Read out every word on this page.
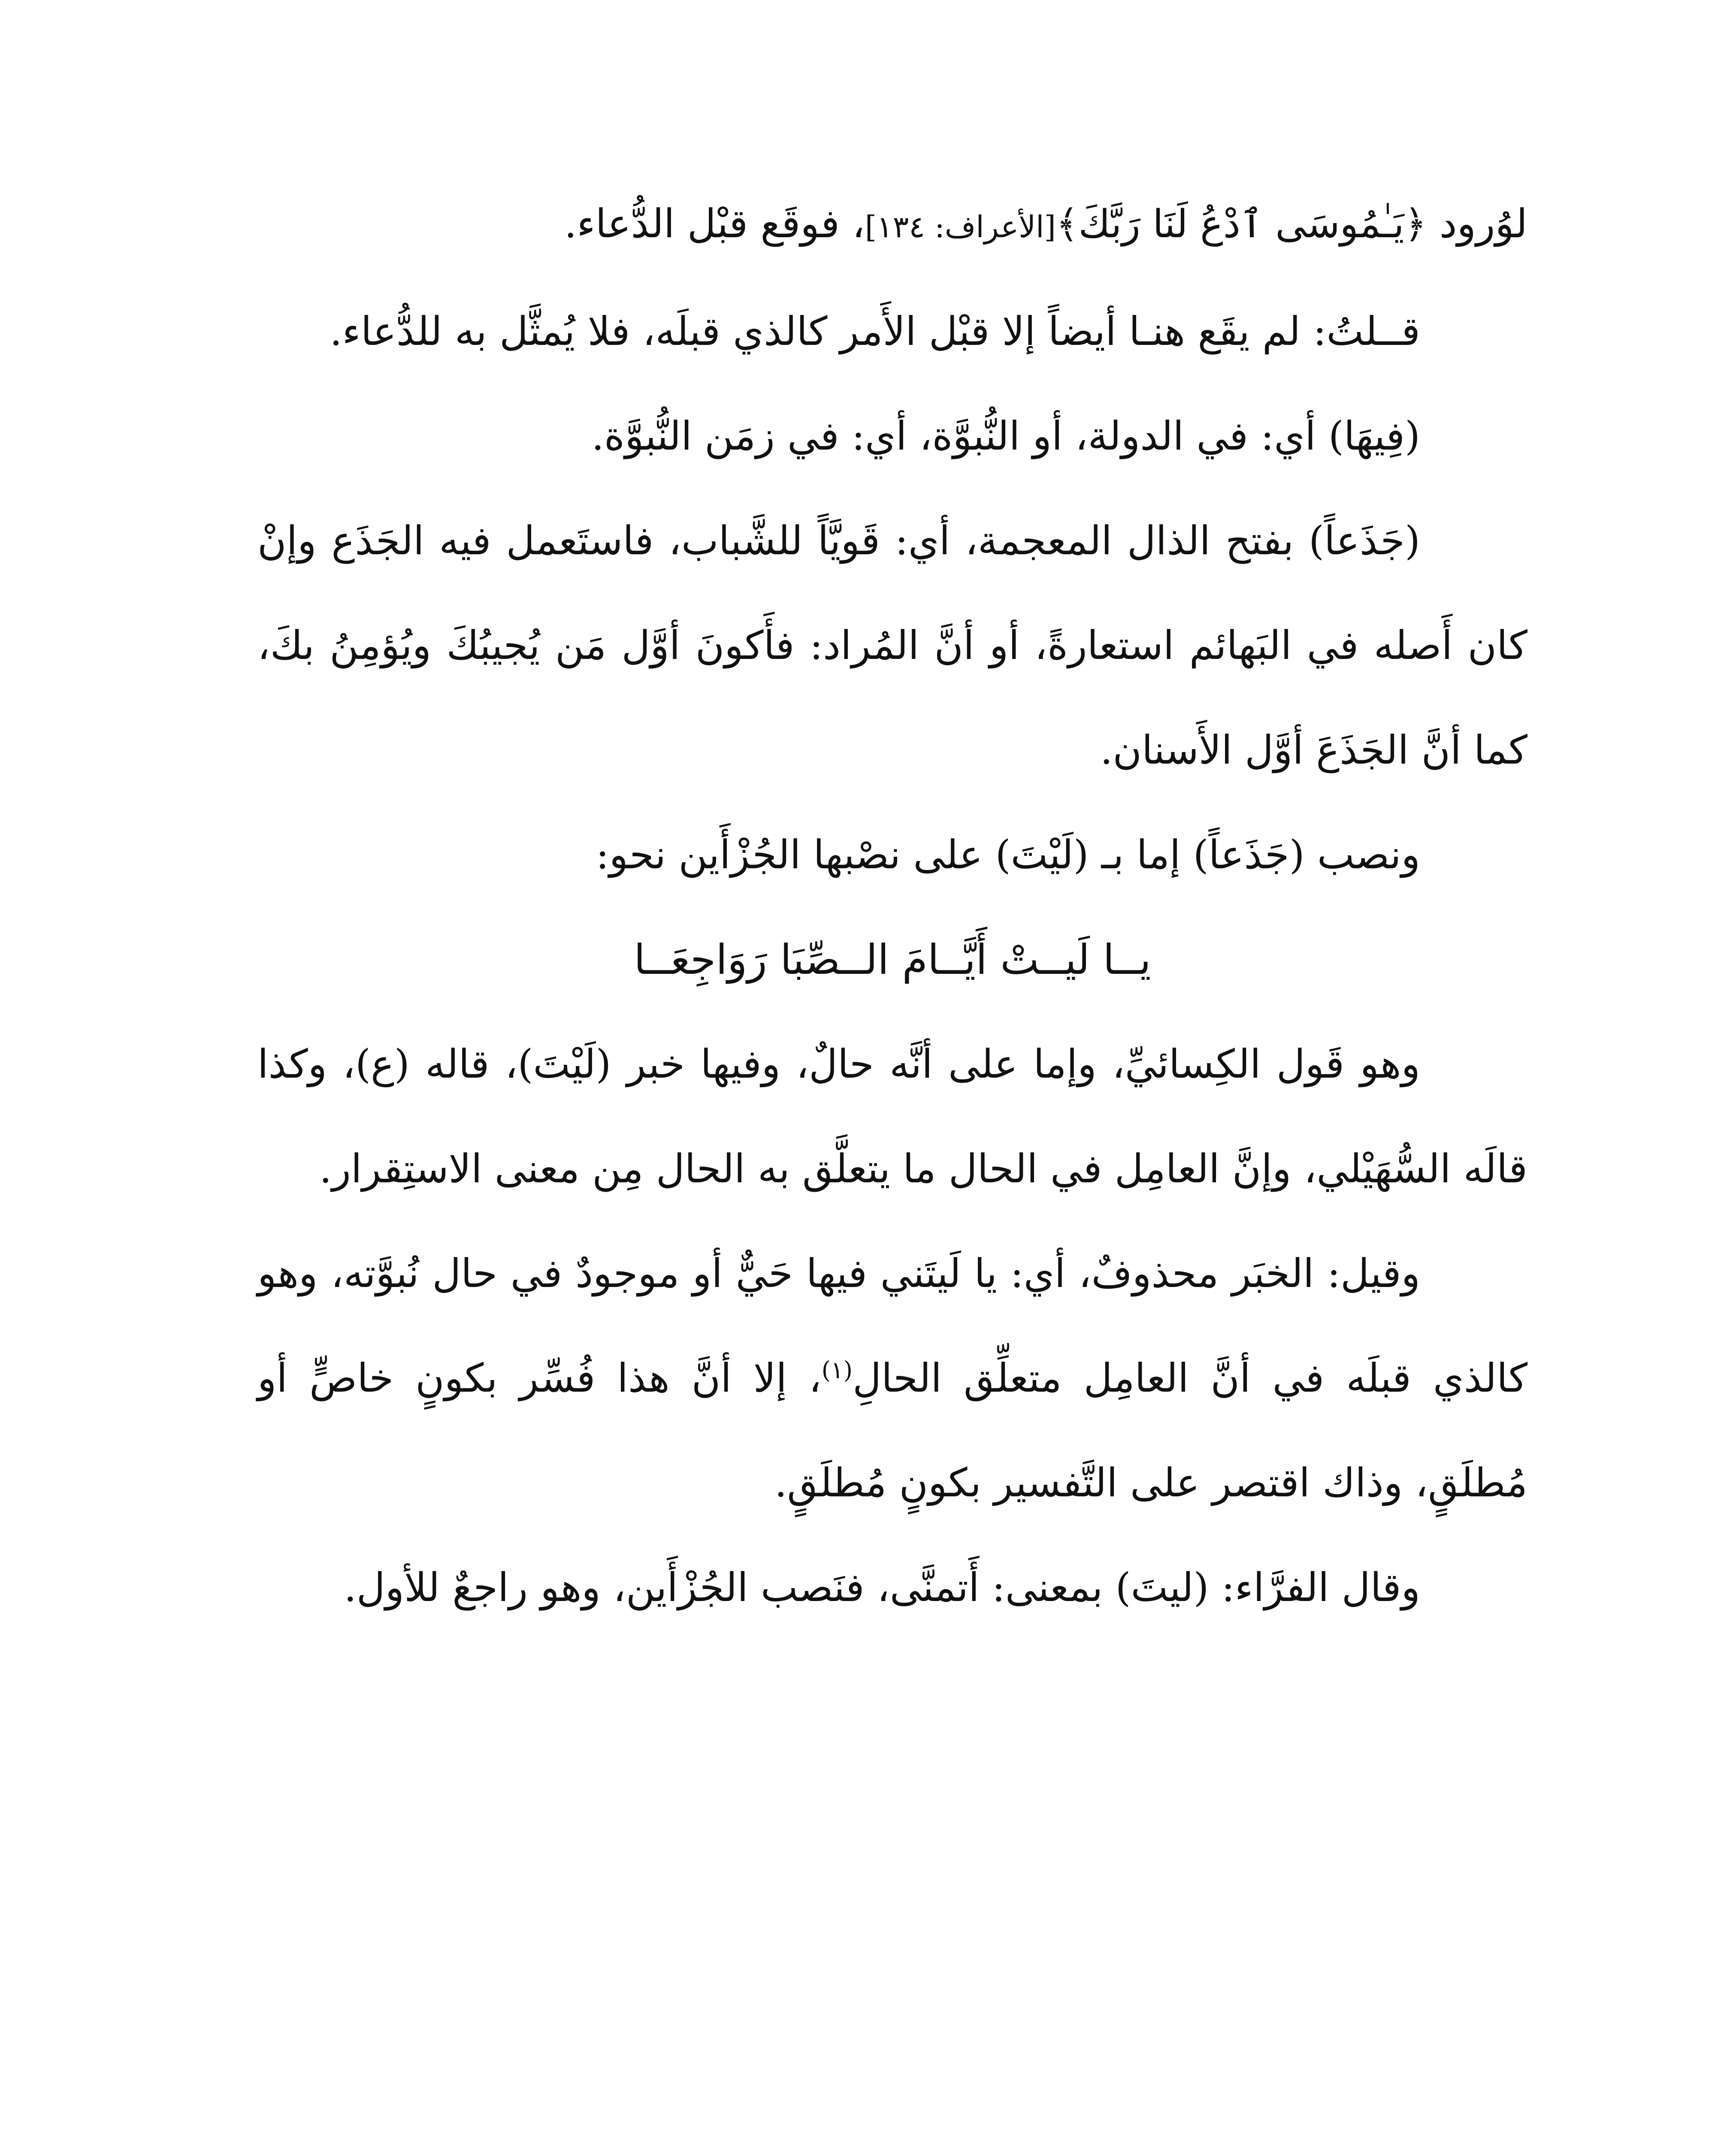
لوُرود ﴿يَـٰمُوسَى ٱدْعُ لَنَا رَبَّكَ﴾[الأعراف: ١٣٤]، فوقَع قبْل الدُّعاء.

قــلتُ: لم يقَع هنـا أيضاً إلا قبْل الأَمر كالذي قبلَه، فلا يُمثَّل به للدُّعاء.

(فِيهَا) أي: في الدولة، أو النُّبوَّة، أي: في زمَن النُّبوَّة.

(جَذَعاً) بفتح الذال المعجمة، أي: قَويَّاً للشَّباب، فاستَعمل فيه الجَذَع وإنْ كان أَصله في البَهائم استعارةً، أو أنَّ المُراد: فأَكونَ أوَّل مَن يُجيبُكَ ويُؤمِنُ بكَ، كما أنَّ الجَذَعَ أوَّل الأَسنان.

ونصب (جَذَعاً) إما بـ (لَيْتَ) على نصْبها الجُزْأَين نحو:

يــا لَيــتْ أَيَّــامَ الــصِّبَا رَوَاجِعَــا

وهو قَول الكِسائيِّ، وإما على أنَّه حالٌ، وفيها خبر (لَيْتَ)، قاله (ع)، وكذا قالَه السُّهَيْلي، وإنَّ العامِل في الحال ما يتعلَّق به الحال مِن معنى الاستِقرار.

وقيل: الخبَر محذوفٌ، أي: يا لَيتَني فيها حَيٌّ أو موجودٌ في حال نُبوَّته، وهو كالذي قبلَه في أنَّ العامِل متعلِّق الحالِ$^{(١)}$، إلا أنَّ هذا فُسِّر بكونٍ خاصٍّ أو مُطلَقٍ، وذاك اقتصر على التَّفسير بكونٍ مُطلَقٍ.

وقال الفرَّاء: (ليتَ) بمعنى: أَتمنَّى، فنَصب الجُزْأَين، وهو راجعٌ للأول.
